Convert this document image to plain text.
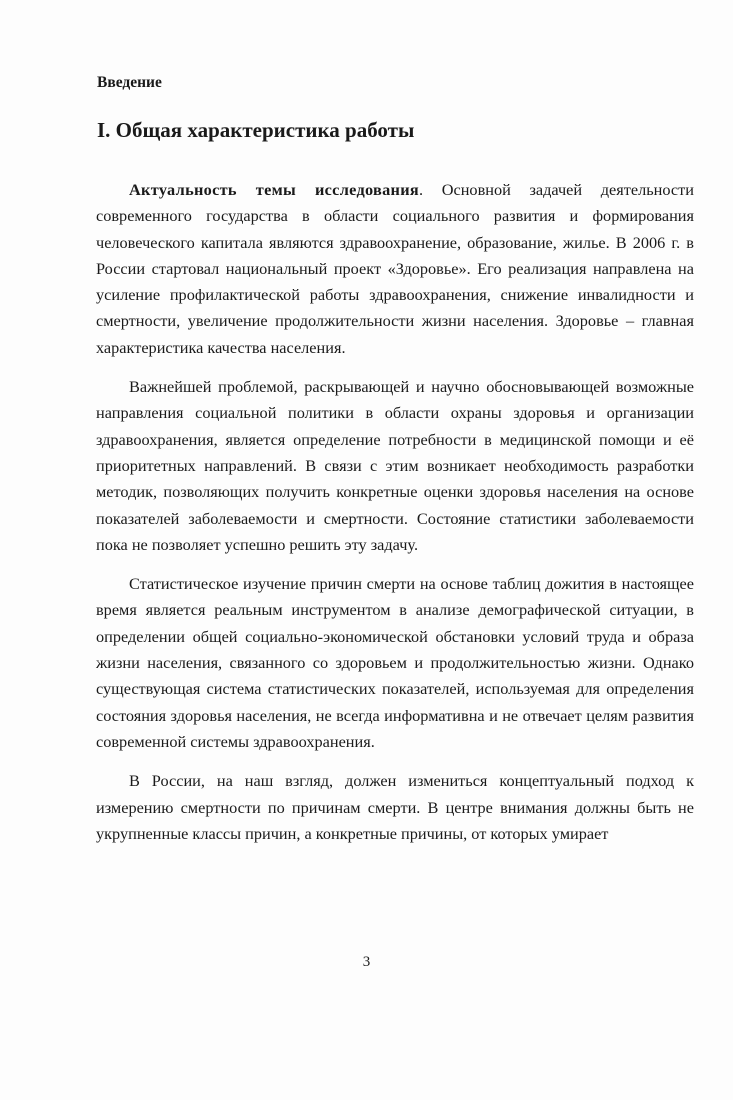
Введение

I. Общая характеристика работы

Актуальность темы исследования. Основной задачей деятельности современного государства в области социального развития и формирования человеческого капитала являются здравоохранение, образование, жилье. В 2006 г. в России стартовал национальный проект «Здоровье». Его реализация направлена на усиление профилактической работы здравоохранения, снижение инвалидности и смертности, увеличение продолжительности жизни населения. Здоровье – главная характеристика качества населения.

Важнейшей проблемой, раскрывающей и научно обосновывающей возможные направления социальной политики в области охраны здоровья и организации здравоохранения, является определение потребности в медицинской помощи и её приоритетных направлений. В связи с этим возникает необходимость разработки методик, позволяющих получить конкретные оценки здоровья населения на основе показателей заболеваемости и смертности. Состояние статистики заболеваемости пока не позволяет успешно решить эту задачу.

Статистическое изучение причин смерти на основе таблиц дожития в настоящее время является реальным инструментом в анализе демографической ситуации, в определении общей социально-экономической обстановки условий труда и образа жизни населения, связанного со здоровьем и продолжительностью жизни. Однако существующая система статистических показателей, используемая для определения состояния здоровья населения, не всегда информативна и не отвечает целям развития современной системы здравоохранения.

В России, на наш взгляд, должен измениться концептуальный подход к измерению смертности по причинам смерти. В центре внимания должны быть не укрупненные классы причин, а конкретные причины, от которых умирает

3
